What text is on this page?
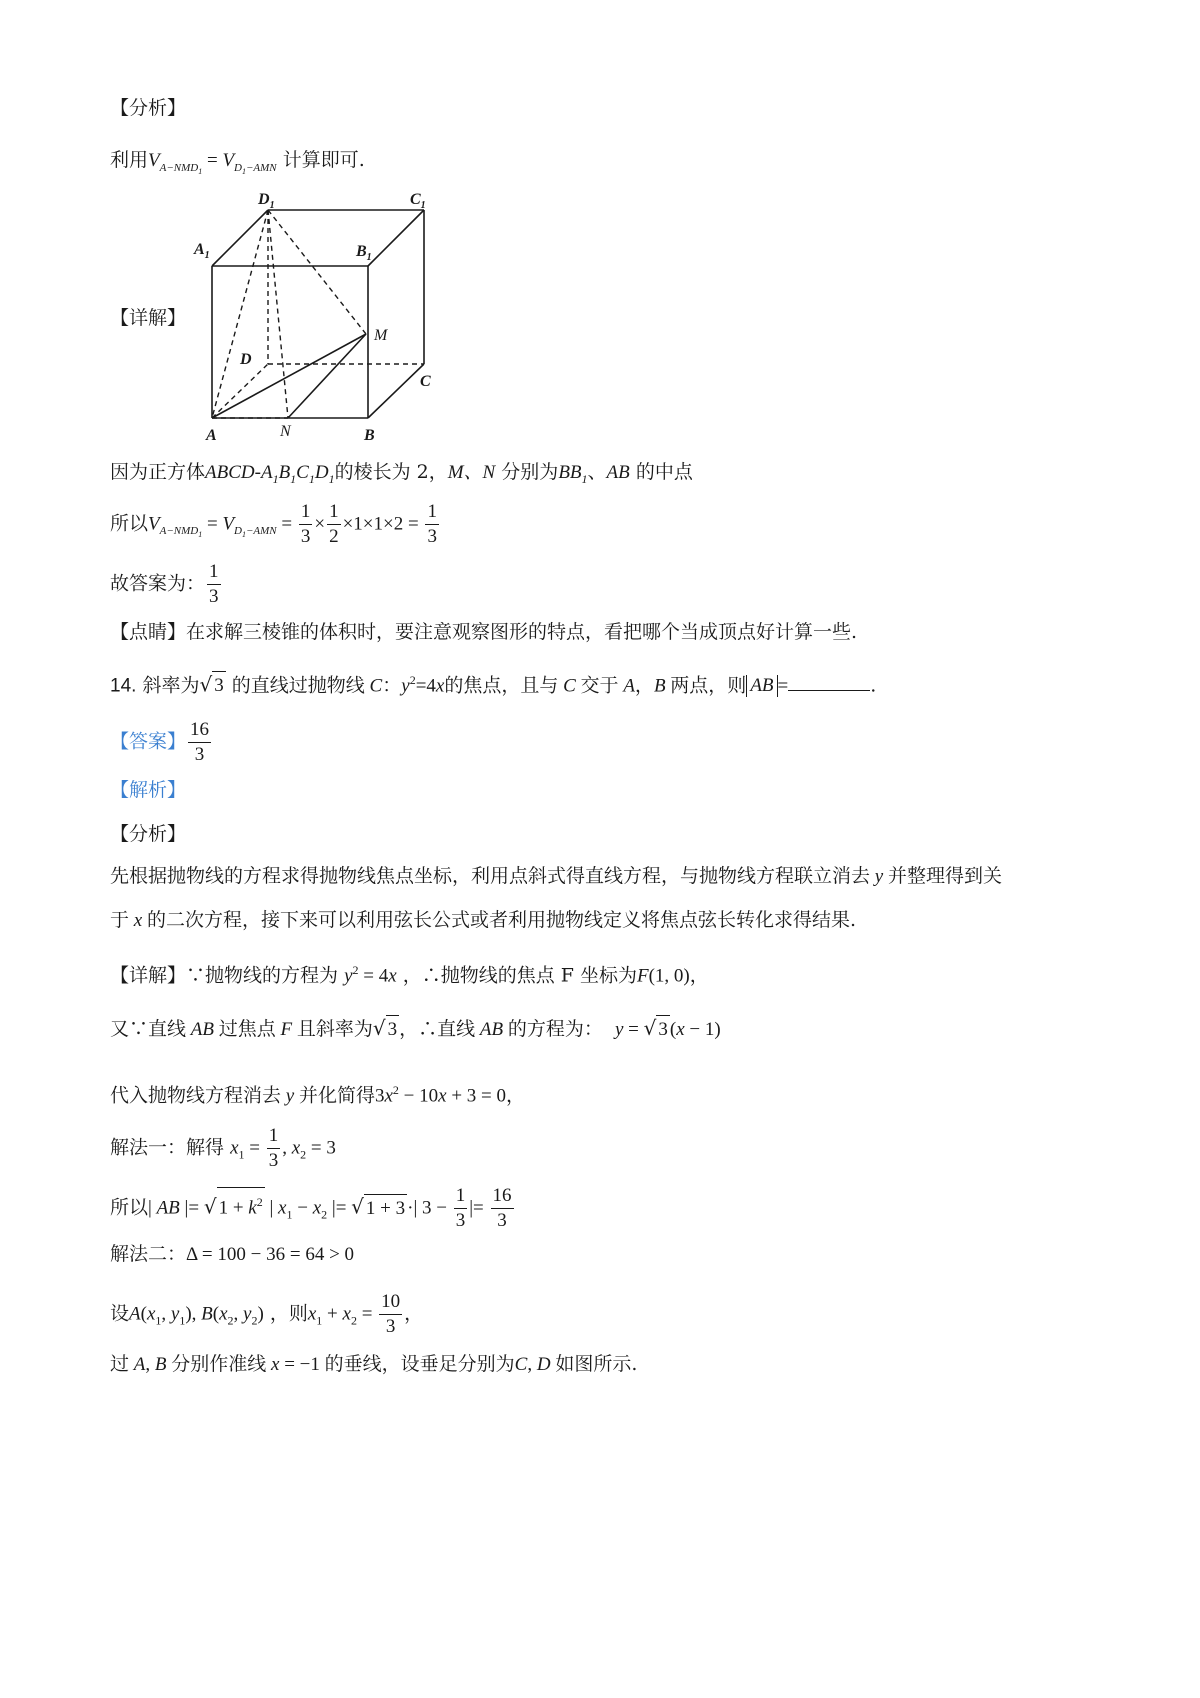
【分析】
利用$V_{A-NMD_1} = V_{D_1-AMN}$ 计算即可.
【详解】
$D_1$	$C_1$
$A_1$	$B_1$
M
D
C
A	N	B
因为正方体ABCD-$A_1B_1C_1D_1$的棱长为 2，M、N 分别为$BB_1$、AB 的中点
所以$V_{A-NMD_1} = V_{D_1-AMN} = \frac{1}{3} \times \frac{1}{2} \times 1\times 1\times 2 = \frac{1}{3}$
故答案为： $\frac{1}{3}$
【点睛】在求解三棱锥的体积时，要注意观察图形的特点，看把哪个当成顶点好计算一些.
14. 斜率为√ 3 的直线过抛物线 C：$y^2=4x$的焦点，且与 C 交于 A，B 两点，则 AB =	.
【答案】 $\frac{16}{3}$
【解析】
【分析】
先根据抛物线的方程求得抛物线焦点坐标，利用点斜式得直线方程，与抛物线方程联立消去 y 并整理得到关
于 x 的二次方程，接下来可以利用弦长公式或者利用抛物线定义将焦点弦长转化求得结果.
【详解】∵抛物线的方程为 $y^2 = 4x$ ，∴抛物线的焦点 F 坐标为F(1, 0)，
又∵直线 AB 过焦点 F 且斜率为√ 3 ，∴直线 AB 的方程为： y = √ 3 (x − 1)
代入抛物线方程消去 y 并化简得$3x^2 - 10x + 3 = 0$，
解法一：解得 $x_1 = \frac{1}{3}$ , $x_2 = 3$
所以| AB |= √ $1 + k^2$ | $x_1 - x_2$ |= √ 1 + 3 ·| $3 - \frac{1}{3}$ |= $\frac{16}{3}$
解法二：Δ = 100 − 36 = 64 > 0
设$A(x_1$, $y_1$), $B(x_2$, $y_2$) ，则$x_1 + x_2 = \frac{10}{3}$ ，
过 A, B 分别作准线 x = −1 的垂线，设垂足分别为C, D 如图所示.
